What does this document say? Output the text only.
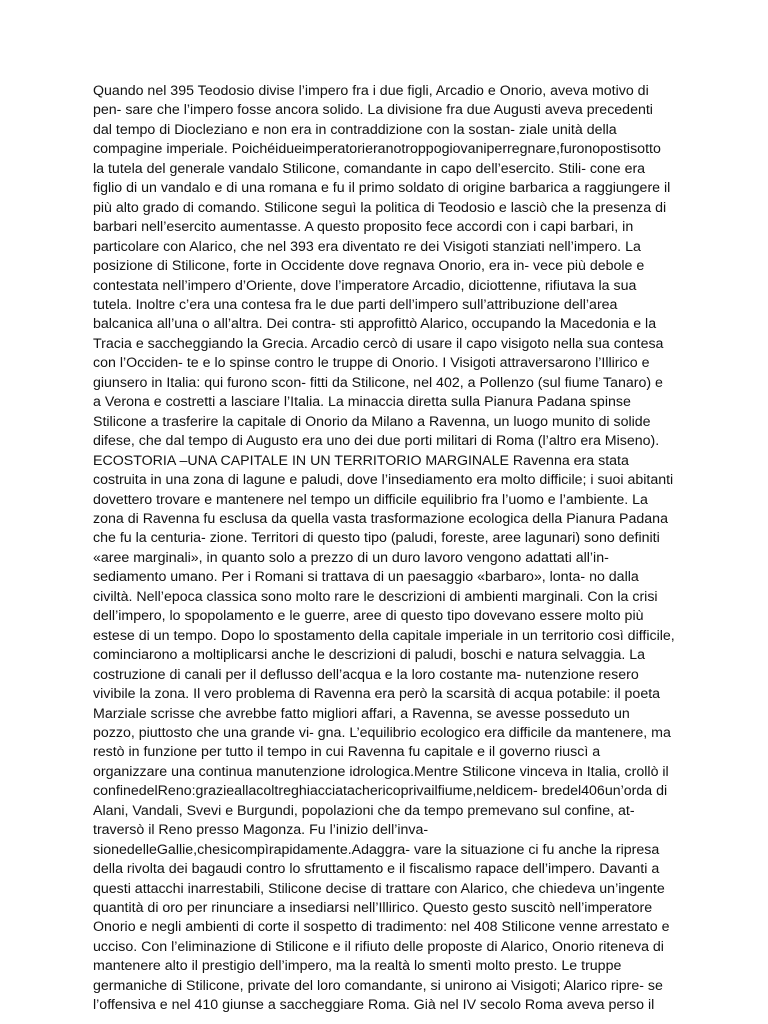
Quando nel 395 Teodosio divise l’impero fra i due figli, Arcadio e Onorio, aveva motivo di
pen- sare che l’impero fosse ancora solido. La divisione fra due Augusti aveva precedenti
dal tempo di Diocleziano e non era in contraddizione con la sostan- ziale unità della
compagine imperiale. Poichéidueimperatorieranotroppogiovaniperregnare,furonopostisotto
la tutela del generale vandalo Stilicone, comandante in capo dell’esercito. Stili- cone era
figlio di un vandalo e di una romana e fu il primo soldato di origine barbarica a raggiungere il
più alto grado di comando. Stilicone seguì la politica di Teodosio e lasciò che la presenza di
barbari nell’esercito aumentasse. A questo proposito fece accordi con i capi barbari, in
particolare con Alarico, che nel 393 era diventato re dei Visigoti stanziati nell’impero. La
posizione di Stilicone, forte in Occidente dove regnava Onorio, era in- vece più debole e
contestata nell’impero d’Oriente, dove l’imperatore Arcadio, diciottenne, rifiutava la sua
tutela. Inoltre c’era una contesa fra le due parti dell’impero sull’attribuzione dell’area
balcanica all’una o all’altra. Dei contra- sti approfittò Alarico, occupando la Macedonia e la
Tracia e saccheggiando la Grecia. Arcadio cercò di usare il capo visigoto nella sua contesa
con l’Occiden- te e lo spinse contro le truppe di Onorio. I Visigoti attraversarono l’Illirico e
giunsero in Italia: qui furono scon- fitti da Stilicone, nel 402, a Pollenzo (sul fiume Tanaro) e
a Verona e costretti a lasciare l’Italia. La minaccia diretta sulla Pianura Padana spinse
Stilicone a trasferire la capitale di Onorio da Milano a Ravenna, un luogo munito di solide
difese, che dal tempo di Augusto era uno dei due porti militari di Roma (l’altro era Miseno).
ECOSTORIA –UNA CAPITALE IN UN TERRITORIO MARGINALE Ravenna era stata
costruita in una zona di lagune e paludi, dove l’insediamento era molto difficile; i suoi abitanti
dovettero trovare e mantenere nel tempo un difficile equilibrio fra l’uomo e l’ambiente. La
zona di Ravenna fu esclusa da quella vasta trasformazione ecologica della Pianura Padana
che fu la centuria- zione. Territori di questo tipo (paludi, foreste, aree lagunari) sono definiti
«aree marginali», in quanto solo a prezzo di un duro lavoro vengono adattati all’in-
sediamento umano. Per i Romani si trattava di un paesaggio «barbaro», lonta- no dalla
civiltà. Nell’epoca classica sono molto rare le descrizioni di ambienti marginali. Con la crisi
dell’impero, lo spopolamento e le guerre, aree di questo tipo dovevano essere molto più
estese di un tempo. Dopo lo spostamento della capitale imperiale in un territorio così difficile,
cominciarono a moltiplicarsi anche le descrizioni di paludi, boschi e natura selvaggia. La
costruzione di canali per il deflusso dell’acqua e la loro costante ma- nutenzione resero
vivibile la zona. Il vero problema di Ravenna era però la scarsità di acqua potabile: il poeta
Marziale scrisse che avrebbe fatto migliori affari, a Ravenna, se avesse posseduto un
pozzo, piuttosto che una grande vi- gna. L’equilibrio ecologico era difficile da mantenere, ma
restò in funzione per tutto il tempo in cui Ravenna fu capitale e il governo riuscì a
organizzare una continua manutenzione idrologica.Mentre Stilicone vinceva in Italia, crollò il
confinedelReno:grazieallacoltreghiacciatachericoprivailfiume,neldicem- bredel406un’orda di
Alani, Vandali, Svevi e Burgundi, popolazioni che da tempo premevano sul confine, at-
traversò il Reno presso Magonza. Fu l’inizio dell’inva-
sionedelleGallie,chesicompìrapidamente.Adaggra- vare la situazione ci fu anche la ripresa
della rivolta dei bagaudi contro lo sfruttamento e il fiscalismo rapace dell’impero. Davanti a
questi attacchi inarrestabili, Stilicone decise di trattare con Alarico, che chiedeva un’ingente
quantità di oro per rinunciare a insediarsi nell’Illirico. Questo gesto suscitò nell’imperatore
Onorio e negli ambienti di corte il sospetto di tradimento: nel 408 Stilicone venne arrestato e
ucciso. Con l’eliminazione di Stilicone e il rifiuto delle proposte di Alarico, Onorio riteneva di
mantenere alto il prestigio dell’impero, ma la realtà lo smentì molto presto. Le truppe
germaniche di Stilicone, private del loro comandante, si unirono ai Visigoti; Alarico ripre- se
l’offensiva e nel 410 giunse a saccheggiare Roma. Già nel IV secolo Roma aveva perso il
